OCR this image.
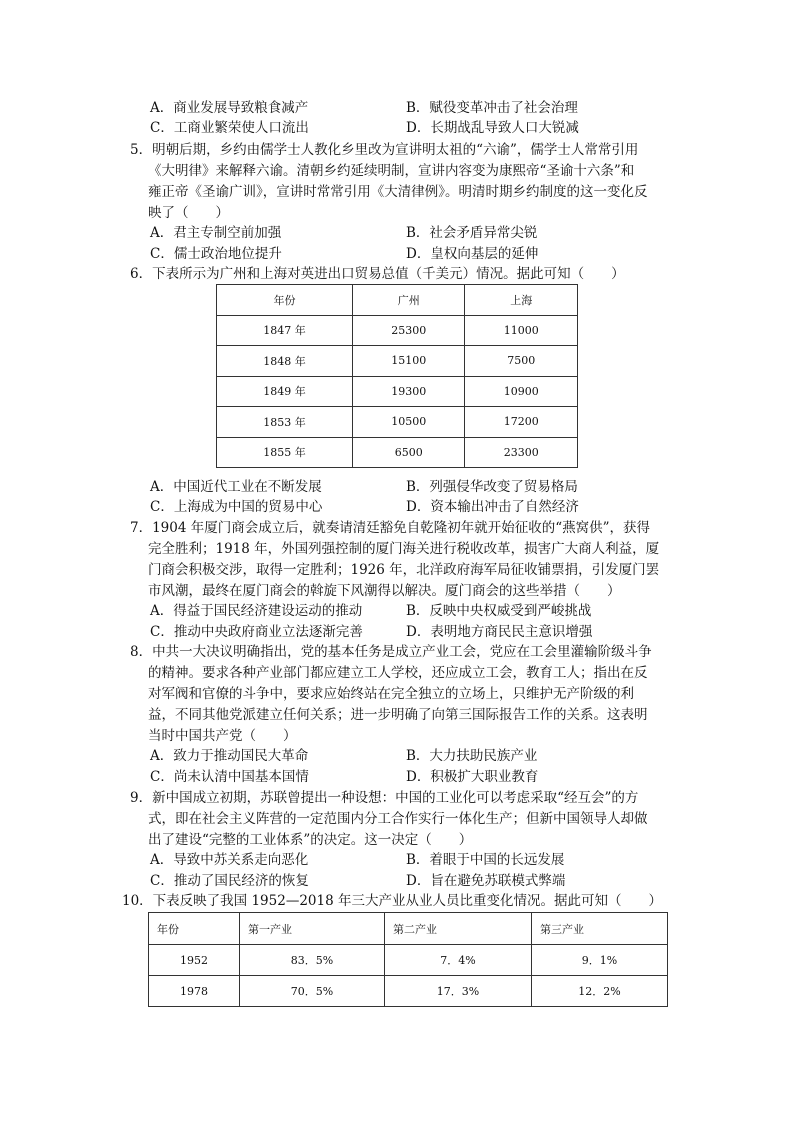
A．商业发展导致粮食减产	B．赋役变革冲击了社会治理
C．工商业繁荣使人口流出	D．长期战乱导致人口大锐减
5．明朝后期，乡约由儒学士人教化乡里改为宣讲明太祖的“六谕”，儒学士人常常引用
《大明律》来解释六谕。清朝乡约延续明制，宣讲内容变为康熙帝“圣谕十六条”和
雍正帝《圣谕广训》，宣讲时常常引用《大清律例》。明清时期乡约制度的这一变化反
映了（　　）
A．君主专制空前加强	B．社会矛盾异常尖锐
C．儒士政治地位提升	D．皇权向基层的延伸
6．下表所示为广州和上海对英进出口贸易总值（千美元）情况。据此可知（　　）
年份	广州	上海
1847 年	25300	11000
1848 年	15100	7500
1849 年	19300	10900
1853 年	10500	17200
1855 年	6500	23300
A．中国近代工业在不断发展	B．列强侵华改变了贸易格局
C．上海成为中国的贸易中心	D．资本输出冲击了自然经济
7．1904 年厦门商会成立后，就奏请清廷豁免自乾隆初年就开始征收的“燕窝供”，获得
完全胜利；1918 年，外国列强控制的厦门海关进行税收改革，损害广大商人利益，厦
门商会积极交涉，取得一定胜利；1926 年，北洋政府海军局征收铺票捐，引发厦门罢
市风潮，最终在厦门商会的斡旋下风潮得以解决。厦门商会的这些举措（　　）
A．得益于国民经济建设运动的推动	B．反映中央权威受到严峻挑战
C．推动中央政府商业立法逐渐完善	D．表明地方商民民主意识增强
8．中共一大决议明确指出，党的基本任务是成立产业工会，党应在工会里灌输阶级斗争
的精神。要求各种产业部门都应建立工人学校，还应成立工会，教育工人；指出在反
对军阀和官僚的斗争中，要求应始终站在完全独立的立场上，只维护无产阶级的利
益，不同其他党派建立任何关系；进一步明确了向第三国际报告工作的关系。这表明
当时中国共产党（　　）
A．致力于推动国民大革命	B．大力扶助民族产业
C．尚未认清中国基本国情	D．积极扩大职业教育
9．新中国成立初期，苏联曾提出一种设想：中国的工业化可以考虑采取“经互会”的方
式，即在社会主义阵营的一定范围内分工合作实行一体化生产；但新中国领导人却做
出了建设“完整的工业体系”的决定。这一决定（　　）
A．导致中苏关系走向恶化	B．着眼于中国的长远发展
C．推动了国民经济的恢复	D．旨在避免苏联模式弊端
10．下表反映了我国 1952—2018 年三大产业从业人员比重变化情况。据此可知（　　）
年份	第一产业	第二产业	第三产业
1952	83．5%	7．4%	9．1%
1978	70．5%	17．3%	12．2%
